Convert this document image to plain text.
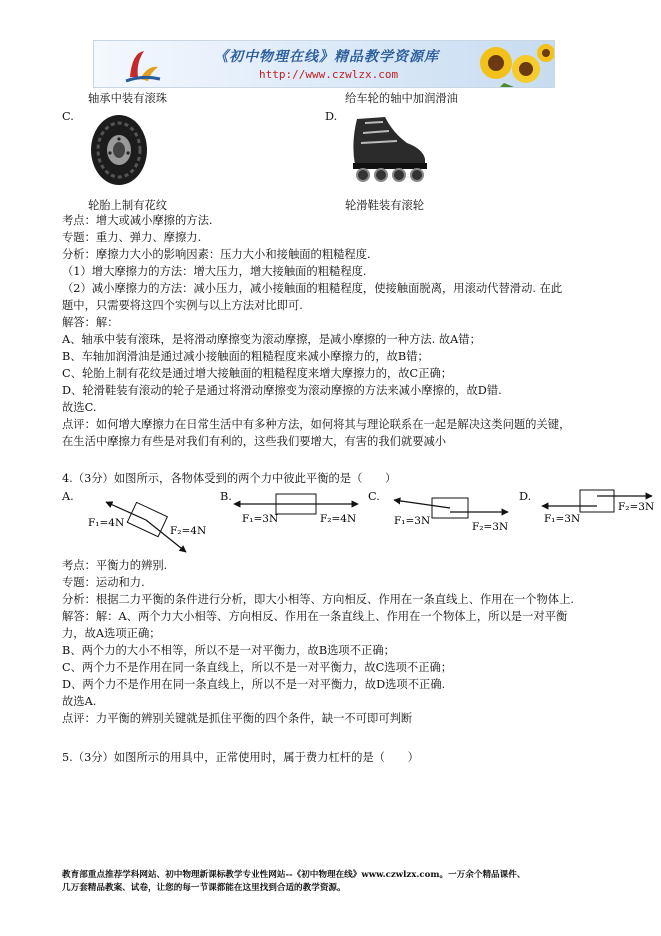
《初中物理在线》精品教学资源库
http://www.czwlzx.com
轴承中装有滚珠	给车轮的轴中加润滑油
C.	D.
轮胎上制有花纹	轮滑鞋装有滚轮
考点：增大或减小摩擦的方法.
专题：重力、弹力、摩擦力.
分析：摩擦力大小的影响因素：压力大小和接触面的粗糙程度.
（1）增大摩擦力的方法：增大压力，增大接触面的粗糙程度.
（2）减小摩擦力的方法：减小压力，减小接触面的粗糙程度，使接触面脱离，用滚动代替滑动. 在此
题中，只需要将这四个实例与以上方法对比即可.
解答：解：
A、轴承中装有滚珠，是将滑动摩擦变为滚动摩擦，是减小摩擦的一种方法. 故A错；
B、车轴加润滑油是通过减小接触面的粗糙程度来减小摩擦力的，故B错；
C、轮胎上制有花纹是通过增大接触面的粗糙程度来增大摩擦力的，故C正确；
D、轮滑鞋装有滚动的轮子是通过将滑动摩擦变为滚动摩擦的方法来减小摩擦的，故D错.
故选C.
点评：如何增大摩擦力在日常生活中有多种方法，如何将其与理论联系在一起是解决这类问题的关键，
在生活中摩擦力有些是对我们有利的，这些我们要增大，有害的我们就要减小
4.（3分）如图所示，各物体受到的两个力中彼此平衡的是（　　）
A.
F₁=4N
F₂=4N
B.
F₁=3N	F₂=4N
C.
F₁=3N	F₂=3N
D.
F₁=3N
F₂=3N
考点：平衡力的辨别.
专题：运动和力.
分析：根据二力平衡的条件进行分析，即大小相等、方向相反、作用在一条直线上、作用在一个物体上.
解答：解：A、两个力大小相等、方向相反、作用在一条直线上、作用在一个物体上，所以是一对平衡
力，故A选项正确；
B、两个力的大小不相等，所以不是一对平衡力，故B选项不正确；
C、两个力不是作用在同一条直线上，所以不是一对平衡力，故C选项不正确；
D、两个力不是作用在同一条直线上，所以不是一对平衡力，故D选项不正确.
故选A.
点评：力平衡的辨别关键就是抓住平衡的四个条件，缺一不可即可判断
5.（3分）如图所示的用具中，正常使用时，属于费力杠杆的是（　　）
教育部重点推荐学科网站、初中物理新课标教学专业性网站--《初中物理在线》www.czwlzx.com。一万余个精品课件、
几万套精品教案、试卷，让您的每一节课都能在这里找到合适的教学资源。
